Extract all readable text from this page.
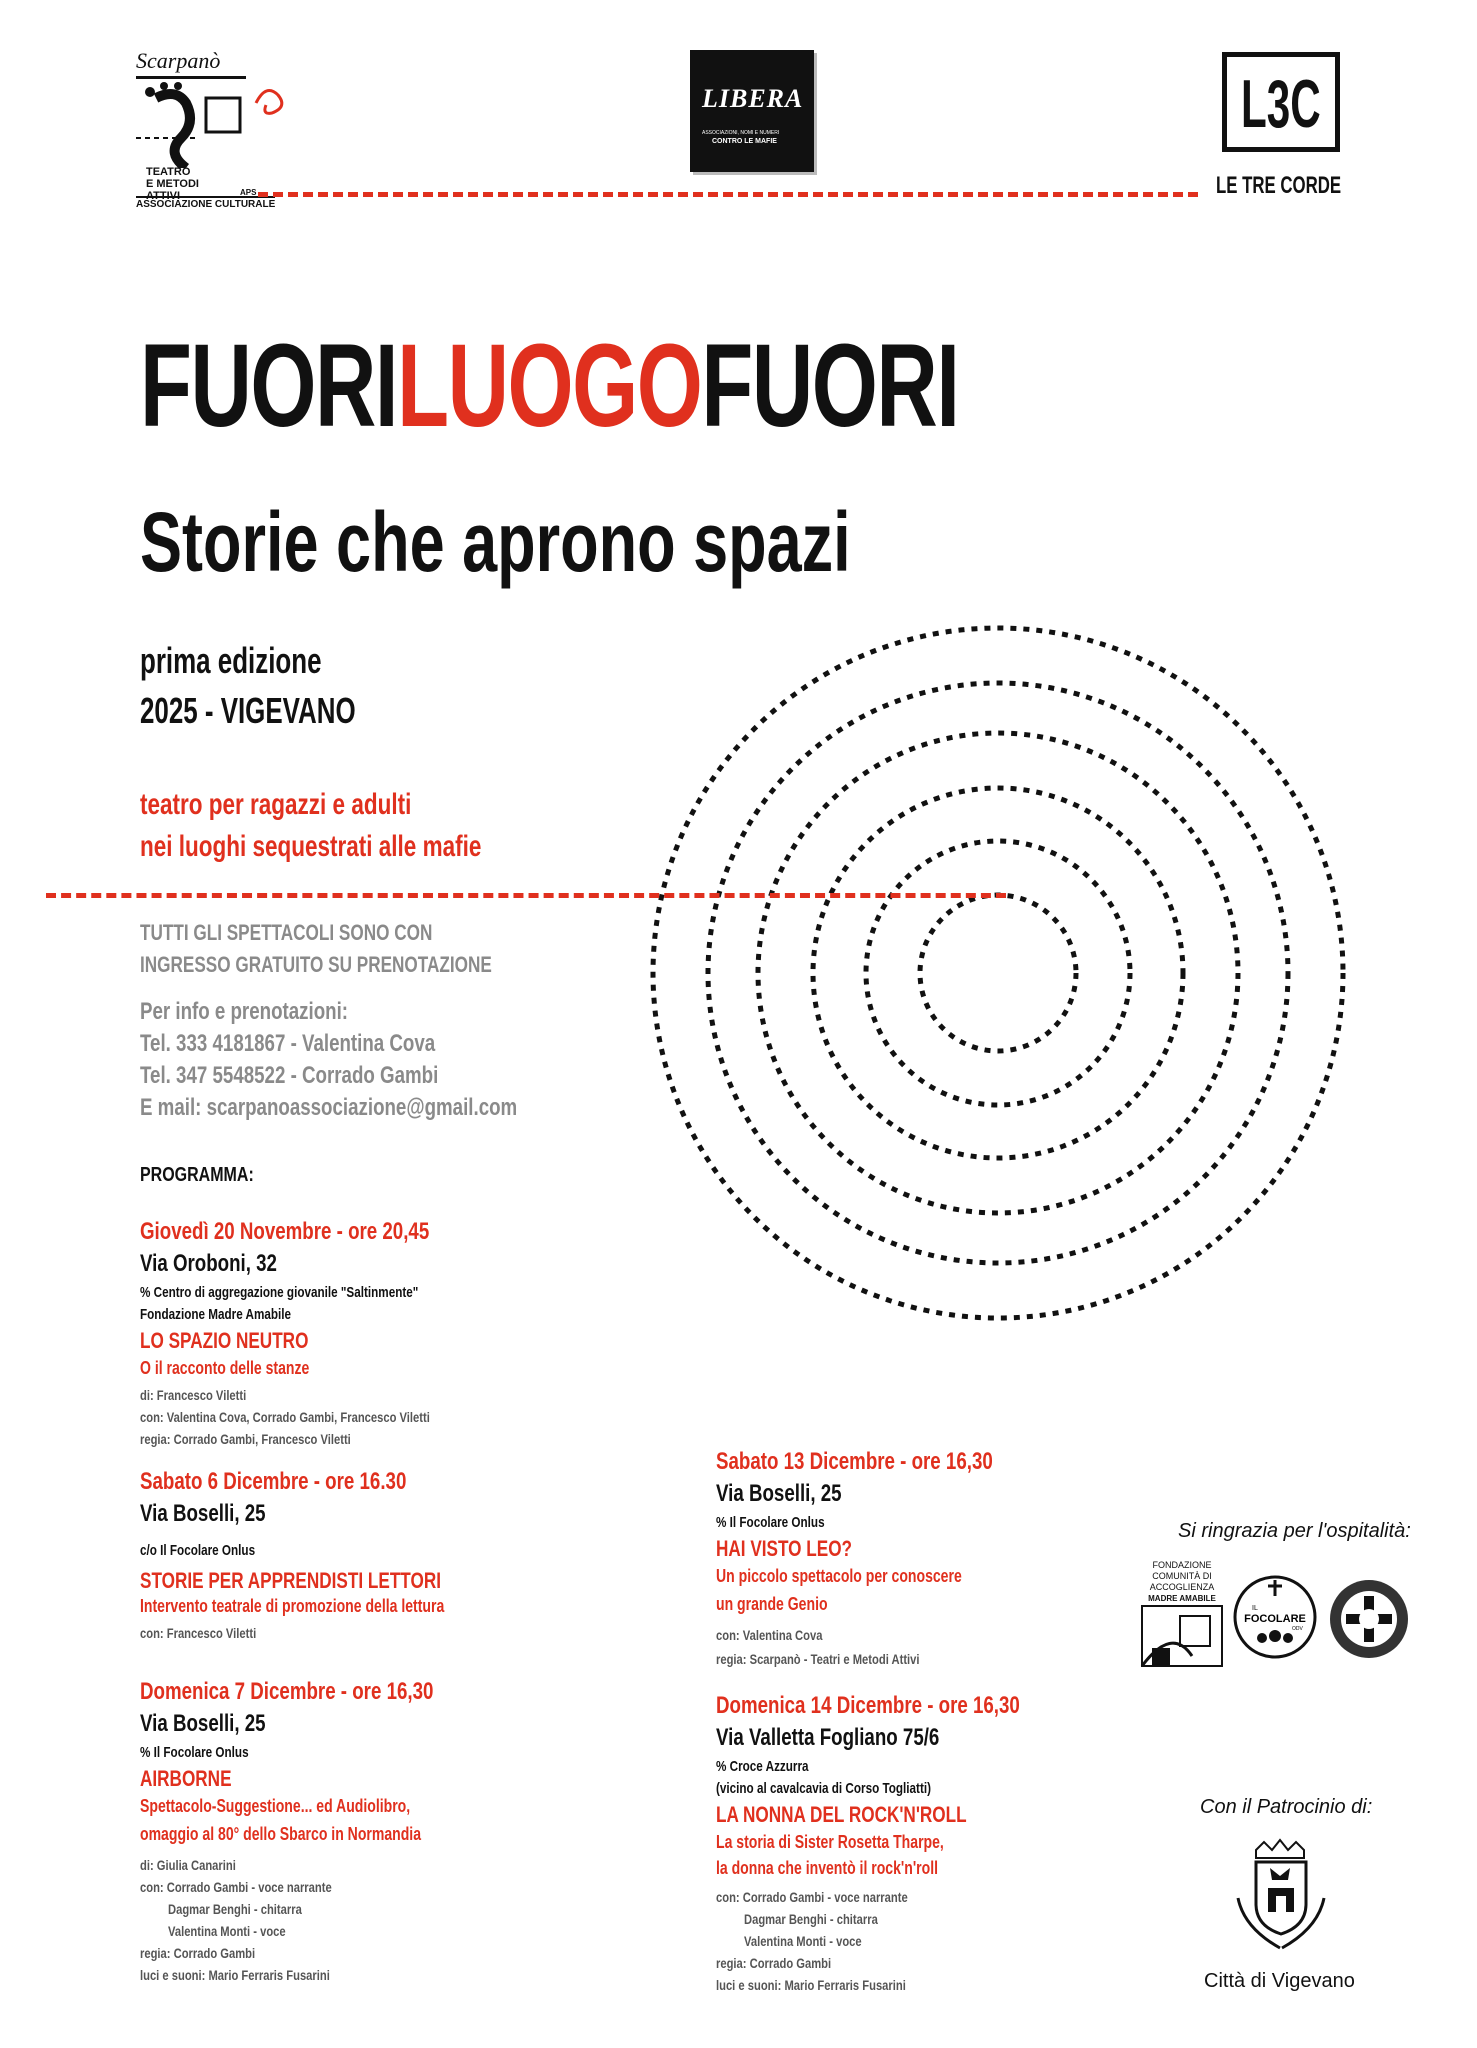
Scarpanò
TEATRO
E METODI
ATTIVI	APS
ASSOCIAZIONE CULTURALE
LIBERA
ASSOCIAZIONI, NOMI E NUMERI
CONTRO LE MAFIE	L3C
LE TRE CORDE
FUORILUOGOFUORI
Storie che aprono spazi
prima edizione
2025 - VIGEVANO
teatro per ragazzi e adulti
nei luoghi sequestrati alle mafie
TUTTI GLI SPETTACOLI SONO CON
INGRESSO GRATUITO SU PRENOTAZIONE
Per info e prenotazioni:
Tel. 333 4181867 - Valentina Cova
Tel. 347 5548522 - Corrado Gambi
E mail: scarpanoassociazione@gmail.com
PROGRAMMA:
Giovedì 20 Novembre - ore 20,45
Via Oroboni, 32
% Centro di aggregazione giovanile "Saltinmente"
Fondazione Madre Amabile
LO SPAZIO NEUTRO
O il racconto delle stanze
di: Francesco Viletti
con: Valentina Cova, Corrado Gambi, Francesco Viletti
regia: Corrado Gambi, Francesco Viletti
Sabato 6 Dicembre - ore 16.30
Via Boselli, 25
c/o Il Focolare Onlus
STORIE PER APPRENDISTI LETTORI
Intervento teatrale di promozione della lettura
con: Francesco Viletti
Domenica 7 Dicembre - ore 16,30
Via Boselli, 25
% Il Focolare Onlus
AIRBORNE
Spettacolo-Suggestione... ed Audiolibro,
omaggio al 80° dello Sbarco in Normandia
di: Giulia Canarini
con: Corrado Gambi - voce narrante
Dagmar Benghi - chitarra
Valentina Monti - voce
regia: Corrado Gambi
luci e suoni: Mario Ferraris Fusarini
Sabato 13 Dicembre - ore 16,30
Via Boselli, 25
% Il Focolare Onlus
HAI VISTO LEO?
Un piccolo spettacolo per conoscere
un grande Genio
con: Valentina Cova
regia: Scarpanò - Teatri e Metodi Attivi
Domenica 14 Dicembre - ore 16,30
Via Valletta Fogliano 75/6
% Croce Azzurra
(vicino al cavalcavia di Corso Togliatti)
LA NONNA DEL ROCK'N'ROLL
La storia di Sister Rosetta Tharpe,
la donna che inventò il rock'n'roll
con: Corrado Gambi - voce narrante
Dagmar Benghi - chitarra
Valentina Monti - voce
regia: Corrado Gambi
luci e suoni: Mario Ferraris Fusarini
Si ringrazia per l'ospitalità:
FONDAZIONE
COMUNITÀ DI
ACCOGLIENZA
MADRE AMABILE
IL
FOCOLARE
ODV
Con il Patrocinio di:
Città di Vigevano
